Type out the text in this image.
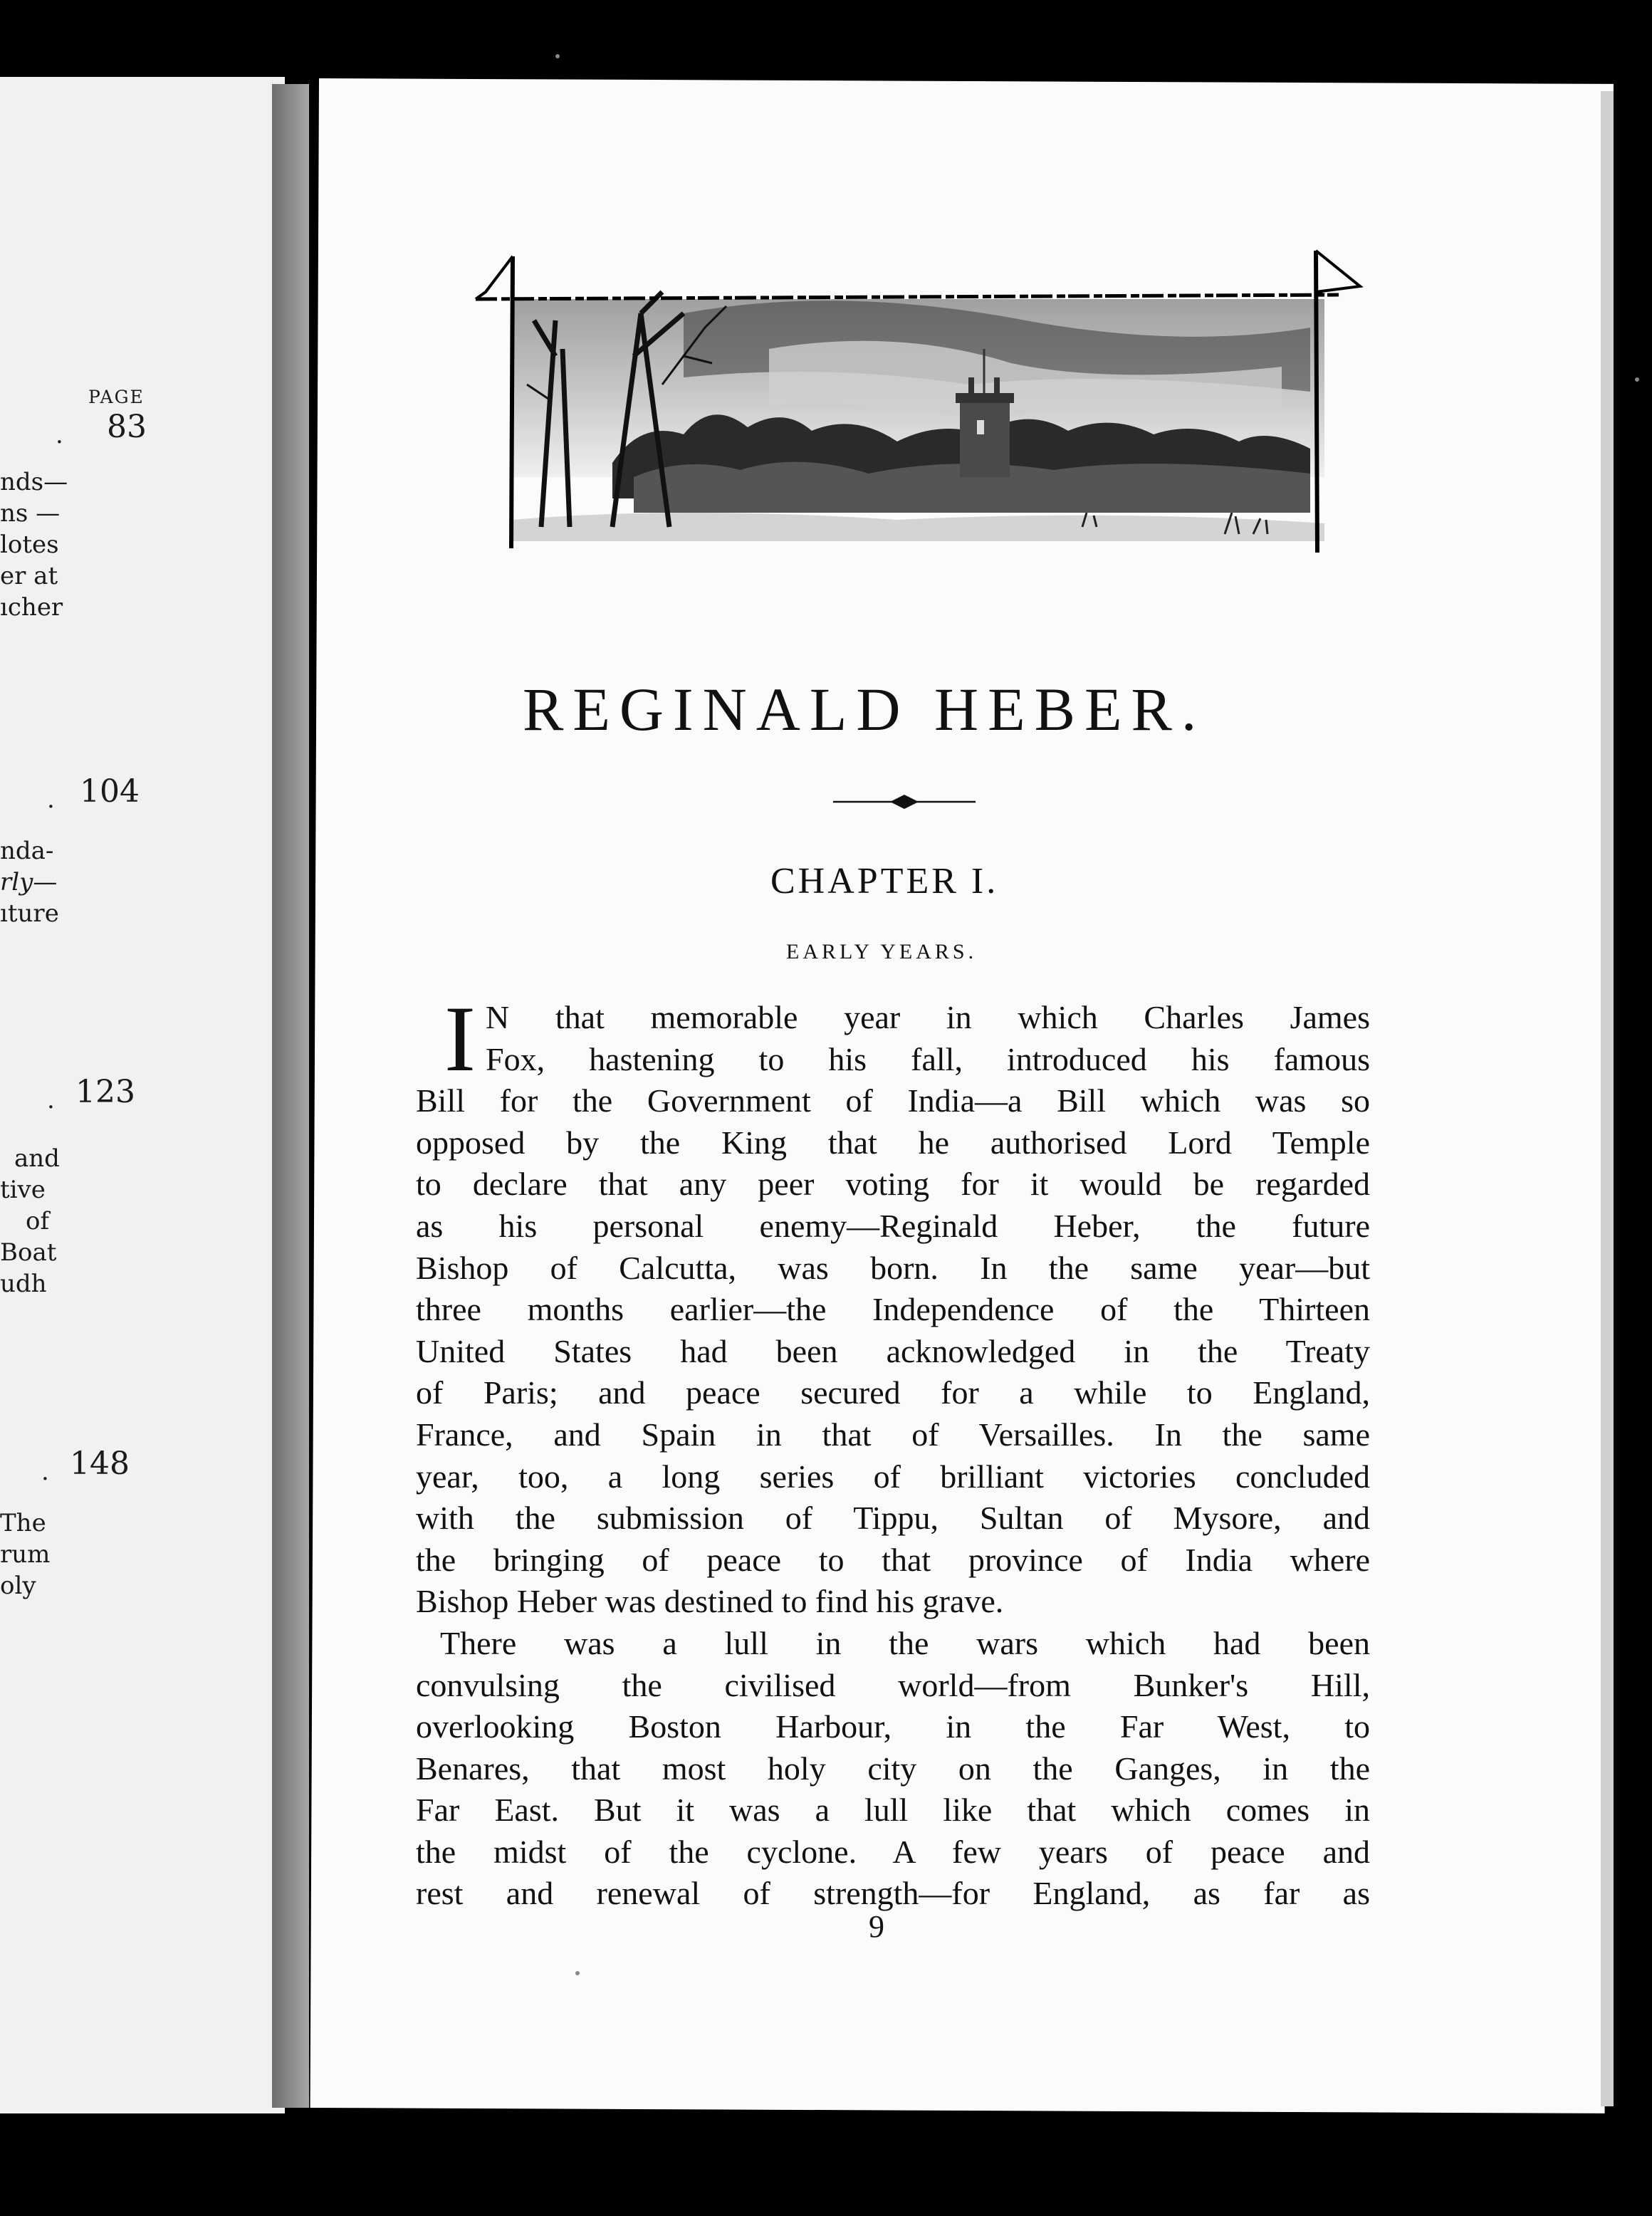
PAGE
. 83
nds—
ns —
lotes
er at
ıcher
. 104
nda-
rly—
ıture
. 123
and
tive
of
Boat
udh
. 148
The
rum
oly
REGINALD HEBER.
CHAPTER I.
EARLY YEARS.
I N that memorable year in which Charles James
Fox, hastening to his fall, introduced his famous
Bill for the Government of India—a Bill which was so
opposed by the King that he authorised Lord Temple
to declare that any peer voting for it would be regarded
as his personal enemy—Reginald Heber, the future
Bishop of Calcutta, was born. In the same year—but
three months earlier—the Independence of the Thirteen
United States had been acknowledged in the Treaty
of Paris; and peace secured for a while to England,
France, and Spain in that of Versailles. In the same
year, too, a long series of brilliant victories concluded
with the submission of Tippu, Sultan of Mysore, and
the bringing of peace to that province of India where
Bishop Heber was destined to find his grave.
There was a lull in the wars which had been
convulsing the civilised world—from Bunker's Hill,
overlooking Boston Harbour, in the Far West, to
Benares, that most holy city on the Ganges, in the
Far East. But it was a lull like that which comes in
the midst of the cyclone. A few years of peace and
rest and renewal of strength—for England, as far as
9
